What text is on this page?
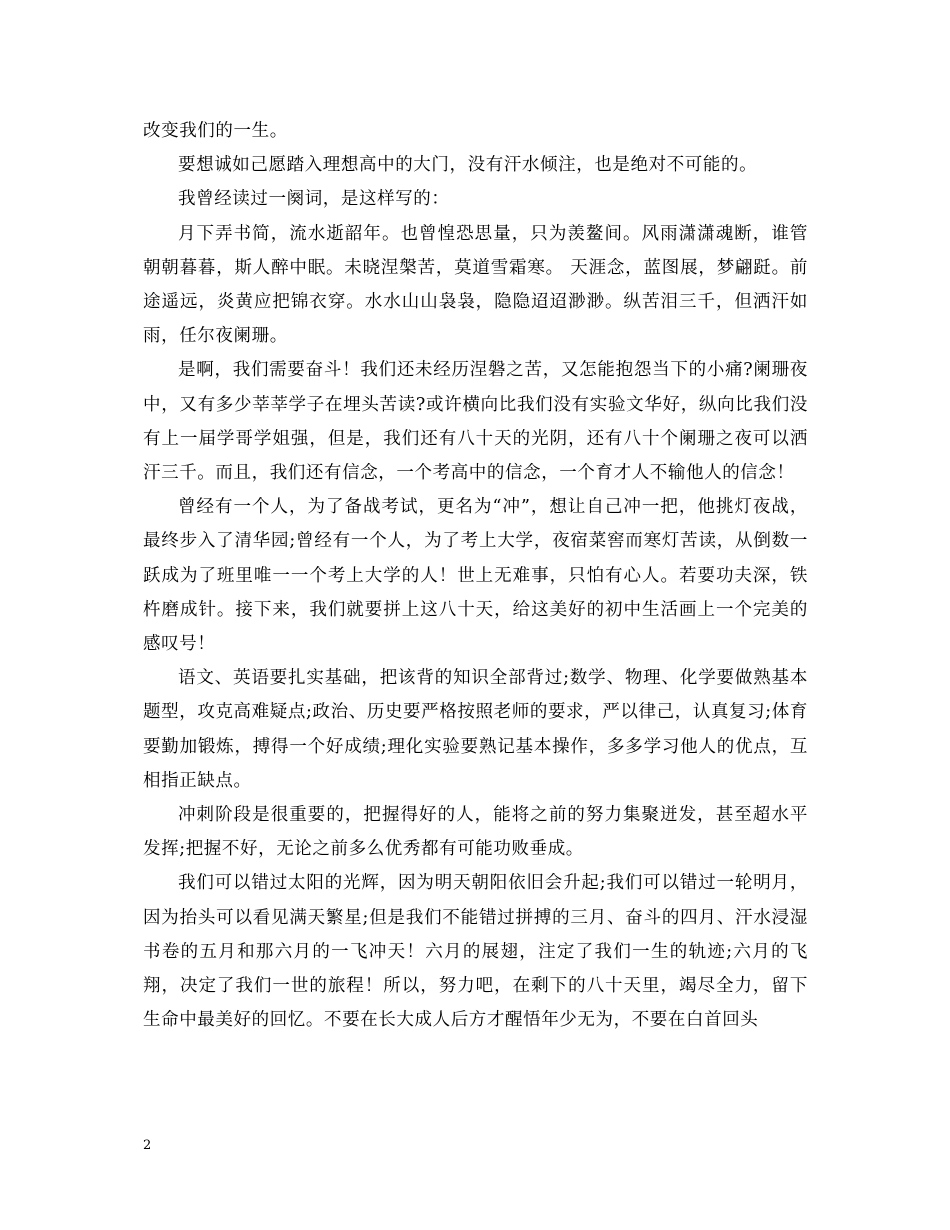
改变我们的一生。

要想诚如己愿踏入理想高中的大门，没有汗水倾注，也是绝对不可能的。

我曾经读过一阕词，是这样写的：

月下弄书简，流水逝韶年。也曾惶恐思量，只为羡鳌间。风雨潇潇魂断，谁管朝朝暮暮，斯人醉中眠。未晓涅槃苦，莫道雪霜寒。 天涯念，蓝图展，梦翩跹。前途遥远，炎黄应把锦衣穿。水水山山袅袅，隐隐迢迢渺渺。纵苦泪三千，但洒汗如雨，任尔夜阑珊。

是啊，我们需要奋斗！我们还未经历涅磐之苦，又怎能抱怨当下的小痛?阑珊夜中，又有多少莘莘学子在埋头苦读?或许横向比我们没有实验文华好，纵向比我们没有上一届学哥学姐强，但是，我们还有八十天的光阴，还有八十个阑珊之夜可以洒汗三千。而且，我们还有信念，一个考高中的信念，一个育才人不输他人的信念！

曾经有一个人，为了备战考试，更名为“冲”，想让自己冲一把，他挑灯夜战，最终步入了清华园;曾经有一个人，为了考上大学，夜宿菜窖而寒灯苦读，从倒数一跃成为了班里唯一一个考上大学的人！世上无难事，只怕有心人。若要功夫深，铁杵磨成针。接下来，我们就要拼上这八十天，给这美好的初中生活画上一个完美的感叹号！

语文、英语要扎实基础，把该背的知识全部背过;数学、物理、化学要做熟基本题型，攻克高难疑点;政治、历史要严格按照老师的要求，严以律己，认真复习;体育要勤加锻炼，搏得一个好成绩;理化实验要熟记基本操作，多多学习他人的优点，互相指正缺点。

冲刺阶段是很重要的，把握得好的人，能将之前的努力集聚迸发，甚至超水平发挥;把握不好，无论之前多么优秀都有可能功败垂成。

我们可以错过太阳的光辉，因为明天朝阳依旧会升起;我们可以错过一轮明月，因为抬头可以看见满天繁星;但是我们不能错过拼搏的三月、奋斗的四月、汗水浸湿书卷的五月和那六月的一飞冲天！六月的展翅，注定了我们一生的轨迹;六月的飞翔，决定了我们一世的旅程！所以，努力吧，在剩下的八十天里，竭尽全力，留下生命中最美好的回忆。不要在长大成人后方才醒悟年少无为，不要在白首回头

2
